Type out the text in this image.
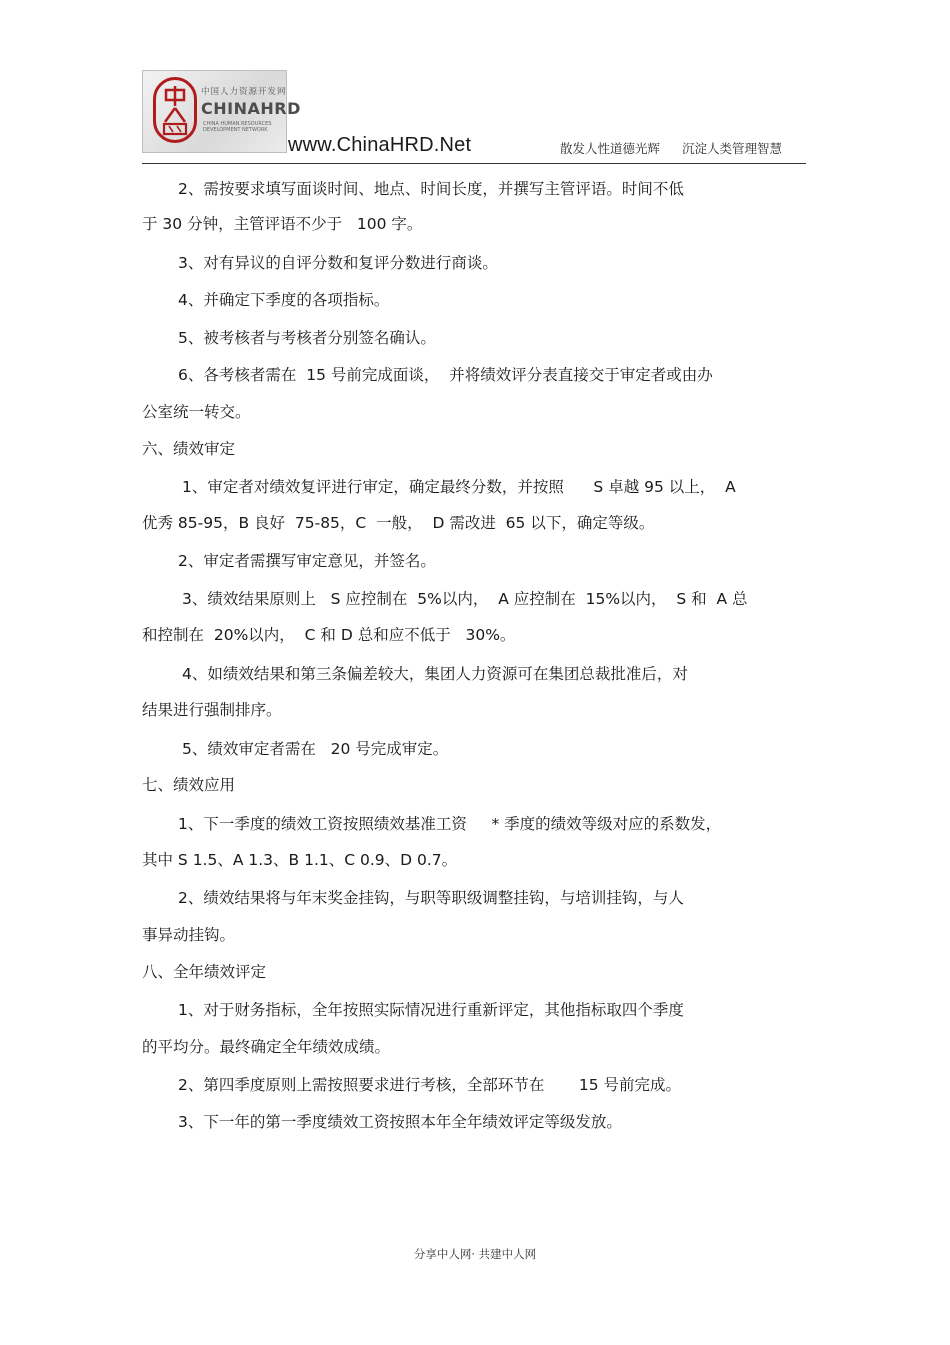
中国人力资源开发网
CHINAHRD
CHINA HUMAN RESOURCES DEVELOPMENT NETWORK
www.ChinaHRD.Net	散发人性道德光辉 沉淀人类管理智慧
2、需按要求填写面谈时间、地点、时间长度，并撰写主管评语。时间不低
于 30 分钟，主管评语不少于   100 字。
3、对有异议的自评分数和复评分数进行商谈。
4、并确定下季度的各项指标。
5、被考核者与考核者分别签名确认。
6、各考核者需在  15 号前完成面谈，  并将绩效评分表直接交于审定者或由办
公室统一转交。
六、绩效审定
1、审定者对绩效复评进行审定，确定最终分数，并按照      S 卓越 95 以上，  A
优秀 85-95，B 良好  75-85，C  一般，  D 需改进  65 以下，确定等级。
2、审定者需撰写审定意见，并签名。
3、绩效结果原则上   S 应控制在  5%以内，  A 应控制在  15%以内，  S 和  A 总
和控制在  20%以内，  C 和 D 总和应不低于   30%。
4、如绩效结果和第三条偏差较大，集团人力资源可在集团总裁批准后，对
结果进行强制排序。
5、绩效审定者需在   20 号完成审定。
七、绩效应用
1、下一季度的绩效工资按照绩效基准工资     * 季度的绩效等级对应的系数发，
其中 S 1.5、A 1.3、B 1.1、C 0.9、D 0.7。
2、绩效结果将与年末奖金挂钩，与职等职级调整挂钩，与培训挂钩，与人
事异动挂钩。
八、全年绩效评定
1、对于财务指标，全年按照实际情况进行重新评定，其他指标取四个季度
的平均分。最终确定全年绩效成绩。
2、第四季度原则上需按照要求进行考核，全部环节在       15 号前完成。
3、下一年的第一季度绩效工资按照本年全年绩效评定等级发放。
分享中人网· 共建中人网
